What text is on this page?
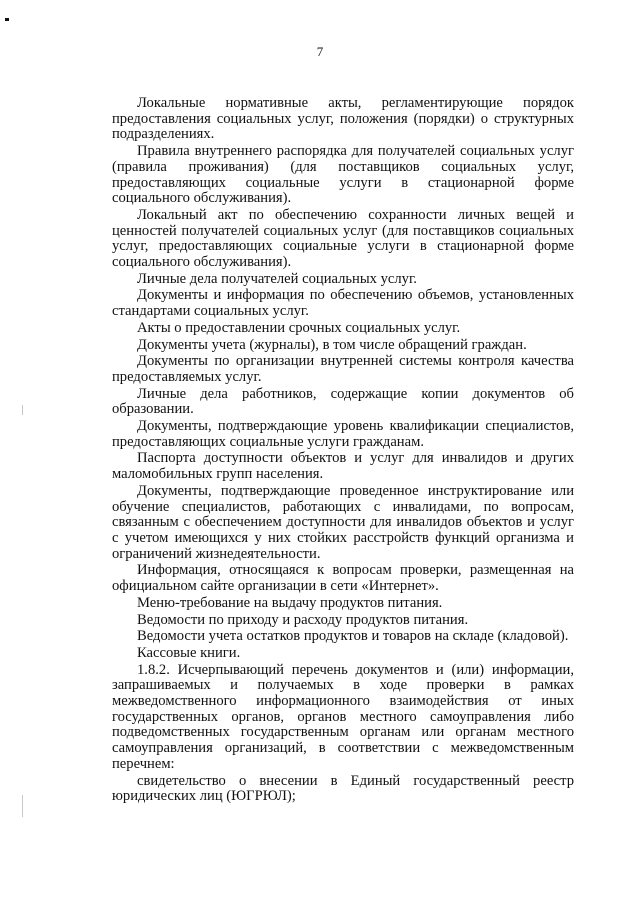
7

Локальные нормативные акты, регламентирующие порядок предоставления социальных услуг, положения (порядки) о структурных подразделениях.

Правила внутреннего распорядка для получателей социальных услуг (правила проживания) (для поставщиков социальных услуг, предоставляющих социальные услуги в стационарной форме социального обслуживания).

Локальный акт по обеспечению сохранности личных вещей и ценностей получателей социальных услуг (для поставщиков социальных услуг, предоставляющих социальные услуги в стационарной форме социального обслуживания).

Личные дела получателей социальных услуг.

Документы и информация по обеспечению объемов, установленных стандартами социальных услуг.

Акты о предоставлении срочных социальных услуг.

Документы учета (журналы), в том числе обращений граждан.

Документы по организации внутренней системы контроля качества предоставляемых услуг.

Личные дела работников, содержащие копии документов об образовании.

Документы, подтверждающие уровень квалификации специалистов, предоставляющих социальные услуги гражданам.

Паспорта доступности объектов и услуг для инвалидов и других маломобильных групп населения.

Документы, подтверждающие проведенное инструктирование или обучение специалистов, работающих с инвалидами, по вопросам, связанным с обеспечением доступности для инвалидов объектов и услуг с учетом имеющихся у них стойких расстройств функций организма и ограничений жизнедеятельности.

Информация, относящаяся к вопросам проверки, размещенная на официальном сайте организации в сети «Интернет».

Меню-требование на выдачу продуктов питания.

Ведомости по приходу и расходу продуктов питания.

Ведомости учета остатков продуктов и товаров на складе (кладовой).

Кассовые книги.

1.8.2. Исчерпывающий перечень документов и (или) информации, запрашиваемых и получаемых в ходе проверки в рамках межведомственного информационного взаимодействия от иных государственных органов, органов местного самоуправления либо подведомственных государственным органам или органам местного самоуправления организаций, в соответствии с межведомственным перечнем:

свидетельство о внесении в Единый государственный реестр юридических лиц (ЮГРЮЛ);
